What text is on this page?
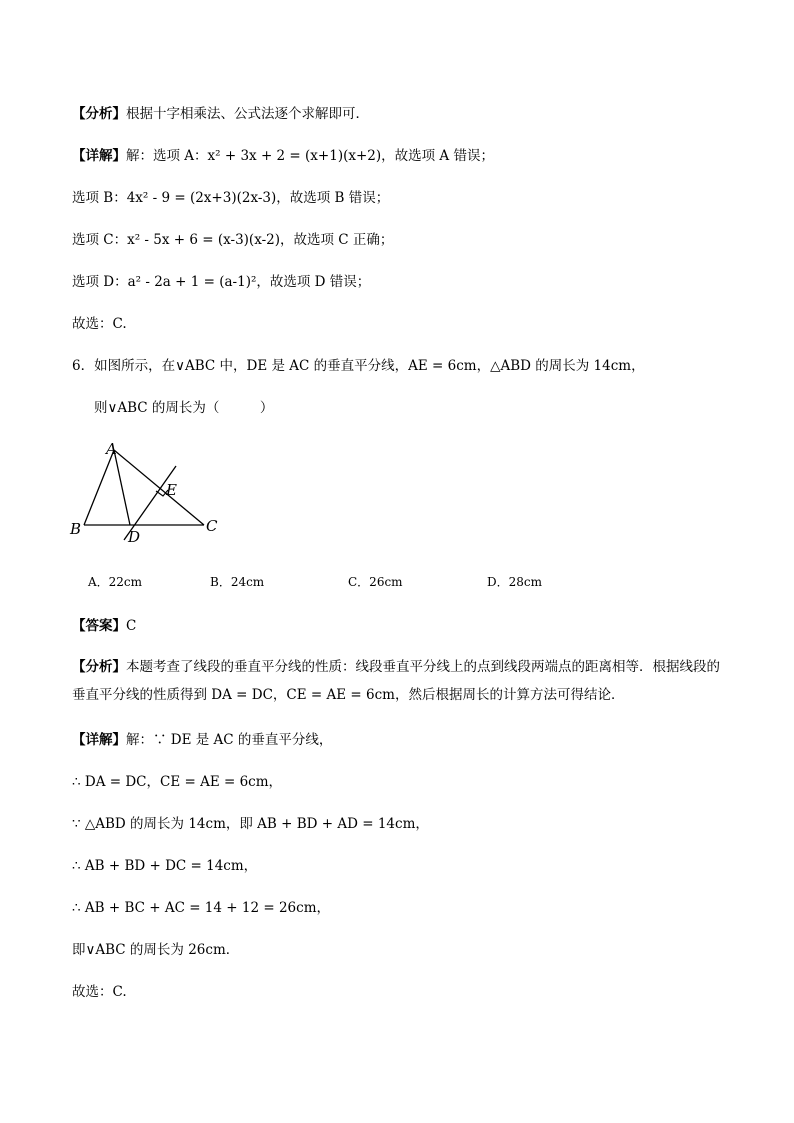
【分析】根据十字相乘法、公式法逐个求解即可．
【详解】解：选项 A：x² + 3x + 2 = (x+1)(x+2)，故选项 A 错误；
选项 B：4x² - 9 = (2x+3)(2x-3)，故选项 B 错误；
选项 C：x² - 5x + 6 = (x-3)(x-2)，故选项 C 正确；
选项 D：a² - 2a + 1 = (a-1)²，故选项 D 错误；
故选：C.
6．如图所示，在∨ABC 中，DE 是 AC 的垂直平分线，AE = 6cm，△ABD 的周长为 14cm，
则∨ABC 的周长为（　　　）
A
B	C
D
E
A．22cm	B．24cm	C．26cm	D．28cm
【答案】C
【分析】本题考查了线段的垂直平分线的性质：线段垂直平分线上的点到线段两端点的距离相等．根据线段的垂直平分线的性质得到 DA = DC，CE = AE = 6cm，然后根据周长的计算方法可得结论．
【详解】解：∵ DE 是 AC 的垂直平分线，
∴ DA = DC，CE = AE = 6cm，
∵ △ABD 的周长为 14cm，即 AB + BD + AD = 14cm，
∴ AB + BD + DC = 14cm，
∴ AB + BC + AC = 14 + 12 = 26cm，
即∨ABC 的周长为 26cm．
故选：C.
